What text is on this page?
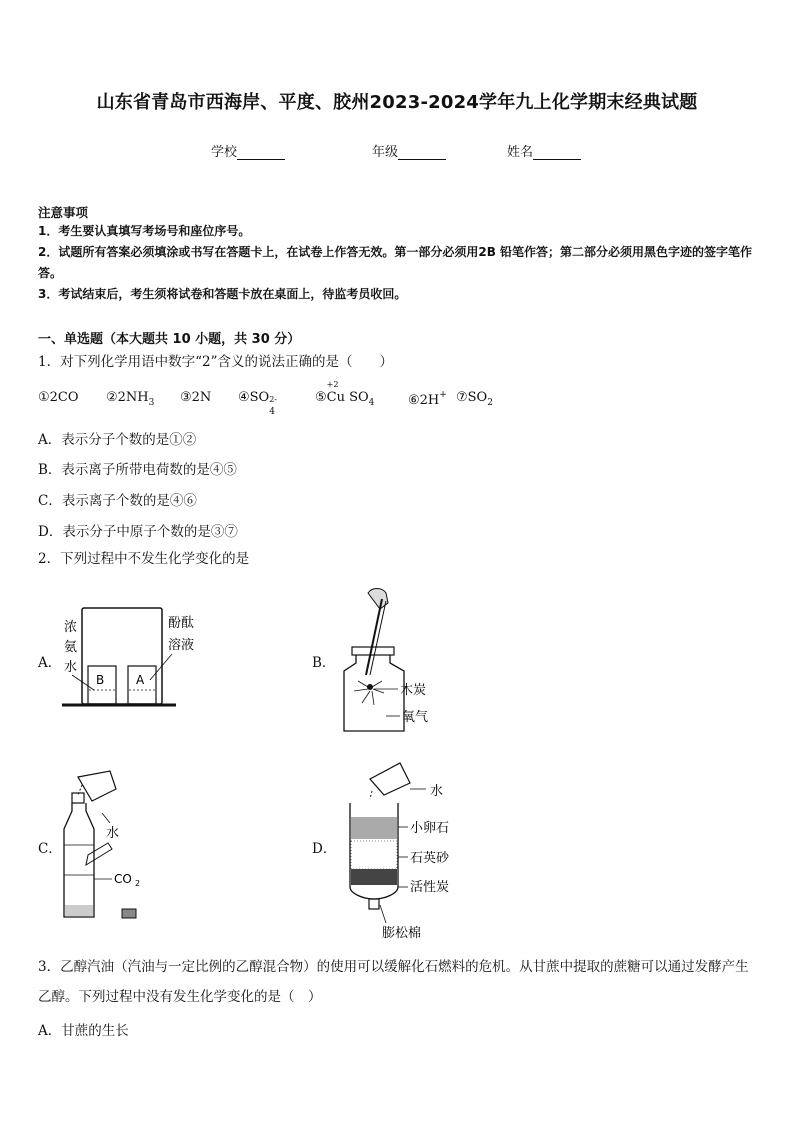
山东省青岛市西海岸、平度、胶州2023-2024学年九上化学期末经典试题
学校	年级	姓名
注意事项
1．考生要认真填写考场号和座位序号。
2．试题所有答案必须填涂或书写在答题卡上，在试卷上作答无效。第一部分必须用2B 铅笔作答；第二部分必须用黑色字迹的签字笔作答。
3．考试结束后，考生须将试卷和答题卡放在桌面上，待监考员收回。
一、单选题（本大题共 10 小题，共 30 分）
1．对下列化学用语中数字“2”含义的说法正确的是（　　）
①2CO $②2NH_3$ ③2N ④SO 2-
4
⑤
+2
Cu $SO_4$	⑥2H+ $⑦SO_2$
A．表示分子个数的是①②
B．表示离子所带电荷数的是④⑤
C．表示离子个数的是④⑥
D．表示分子中原子个数的是③⑦
2．下列过程中不发生化学变化的是
A．
B	A
浓
氨
水
酚酞
溶液
B．
木炭
氧气
C．
水
CO 2
D．
水
小卵石
石英砂
活性炭
膨松棉
3．乙醇汽油（汽油与一定比例的乙醇混合物）的使用可以缓解化石燃料的危机。从甘蔗中提取的蔗糖可以通过发酵产生乙醇。下列过程中没有发生化学变化的是（　）
A．甘蔗的生长
